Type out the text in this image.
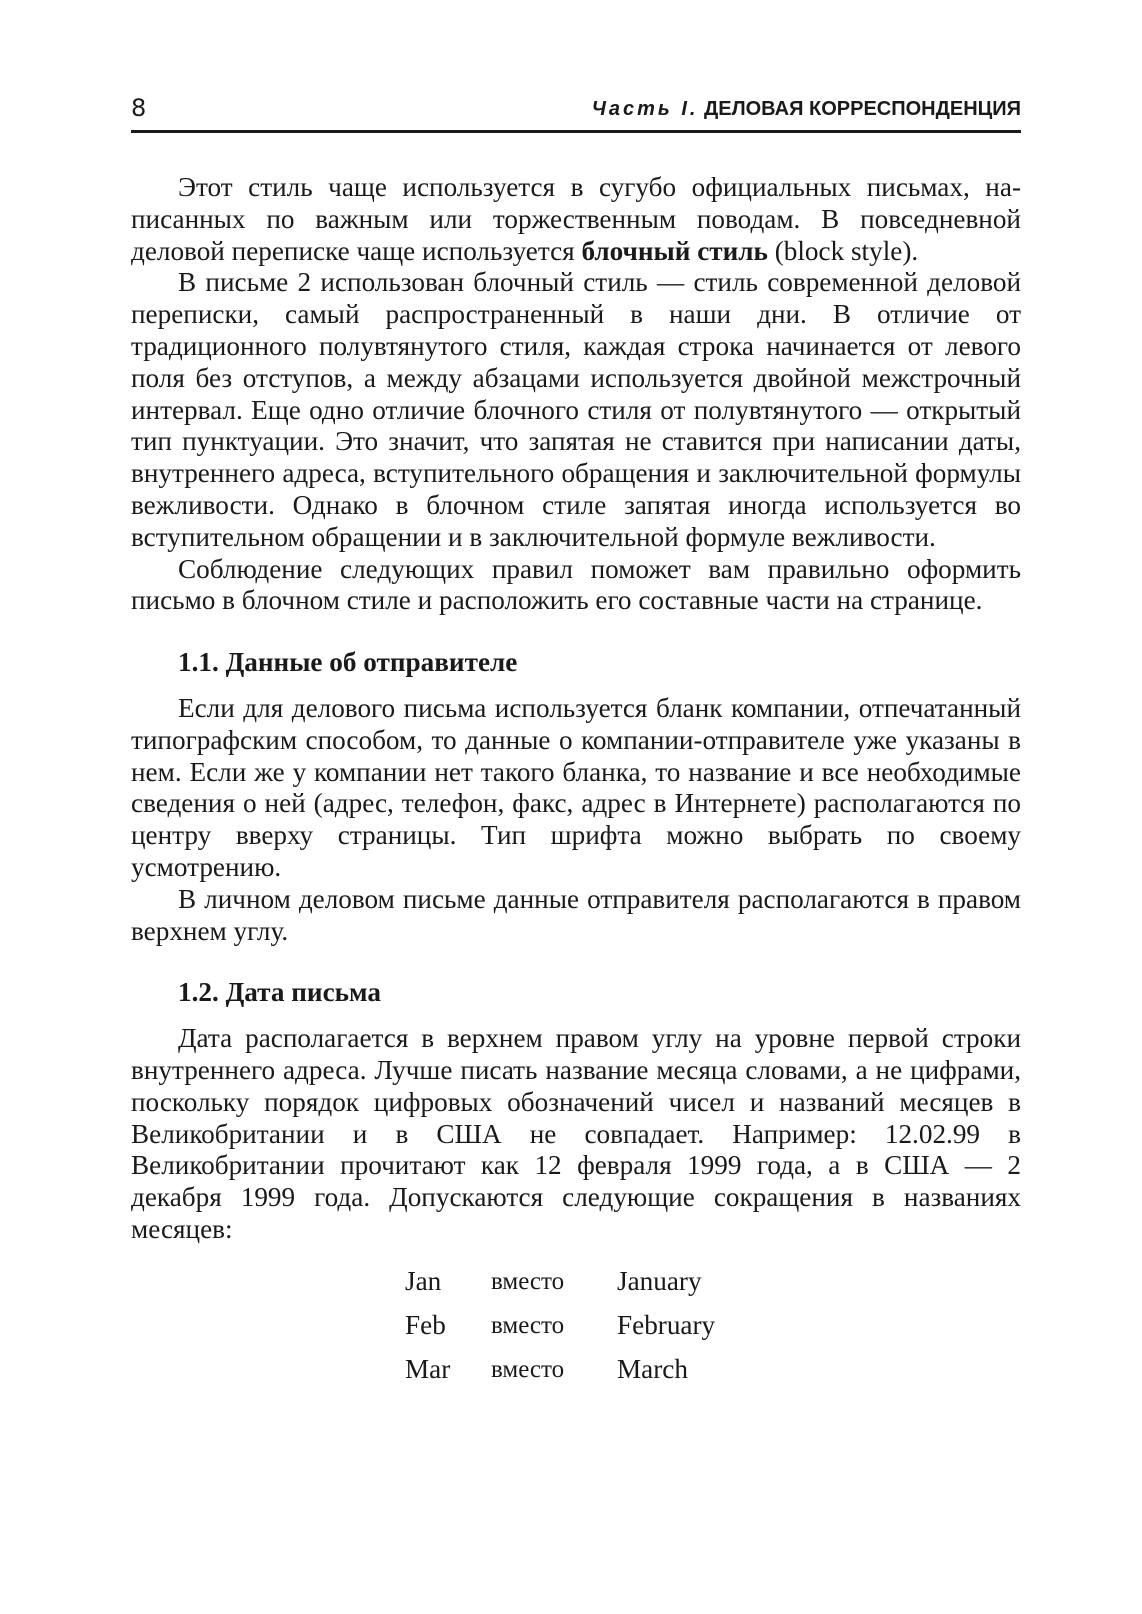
8	Часть I. ДЕЛОВАЯ КОРРЕСПОНДЕНЦИЯ

Этот стиль чаще используется в сугубо официальных письмах, написанных по важным или торжественным поводам. В повседневной деловой переписке чаще используется блочный стиль (block style).

В письме 2 использован блочный стиль — стиль современной деловой переписки, самый распространенный в наши дни. В отличие от традиционного полувтянутого стиля, каждая строка начинается от левого поля без отступов, а между абзацами используется двойной межстрочный интервал. Еще одно отличие блочного стиля от полувтянутого — открытый тип пунктуации. Это значит, что запятая не ставится при написании даты, внутреннего адреса, вступительного обращения и заключительной формулы вежливости. Однако в блочном стиле запятая иногда используется во вступительном обращении и в заключительной формуле вежливости.

Соблюдение следующих правил поможет вам правильно оформить письмо в блочном стиле и расположить его составные части на странице.

1.1. Данные об отправителе

Если для делового письма используется бланк компании, отпечатанный типографским способом, то данные о компании-отправителе уже указаны в нем. Если же у компании нет такого бланка, то название и все необходимые сведения о ней (адрес, телефон, факс, адрес в Интернете) располагаются по центру вверху страницы. Тип шрифта можно выбрать по своему усмотрению.

В личном деловом письме данные отправителя располагаются в правом верхнем углу.

1.2. Дата письма

Дата располагается в верхнем правом углу на уровне первой строки внутреннего адреса. Лучше писать название месяца словами, а не цифрами, поскольку порядок цифровых обозначений чисел и названий месяцев в Великобритании и в США не совпадает. Например: 12.02.99 в Великобритании прочитают как 12 февраля 1999 года, а в США — 2 декабря 1999 года. Допускаются следующие сокращения в названиях месяцев:

Jan	вместо	January
Feb	вместо	February
Mar	вместо	March
